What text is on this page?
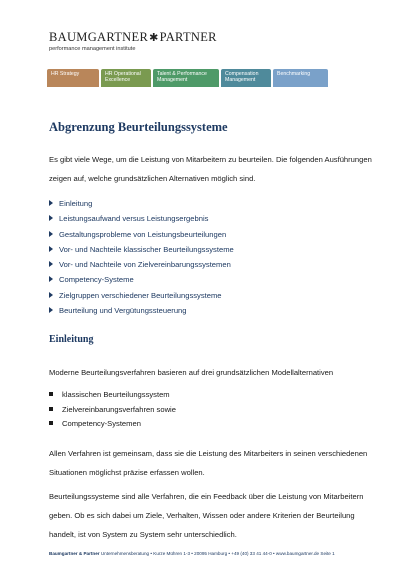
BAUMGARTNER✱PARTNER
performance management institute
HR Strategy	HR Operational Excellence
Talent & Performance Management
Compensation Management
Benchmarking
Abgrenzung Beurteilungssysteme

Es gibt viele Wege, um die Leistung von Mitarbeitern zu beurteilen. Die folgenden Ausführungen zeigen auf, welche grundsätzlichen Alternativen möglich sind.

Einleitung
Leistungsaufwand versus Leistungsergebnis
Gestaltungsprobleme von Leistungsbeurteilungen
Vor- und Nachteile klassischer Beurteilungssysteme
Vor- und Nachteile von Zielvereinbarungssystemen
Competency-Systeme
Zielgruppen verschiedener Beurteilungssysteme
Beurteilung und Vergütungssteuerung
Einleitung

Moderne Beurteilungsverfahren basieren auf drei grundsätzlichen Modellalternativen

klassischen Beurteilungssystem
Zielvereinbarungsverfahren sowie
Competency-Systemen

Allen Verfahren ist gemeinsam, dass sie die Leistung des Mitarbeiters in seinen verschiedenen Situationen möglichst präzise erfassen wollen.

Beurteilungssysteme sind alle Verfahren, die ein Feedback über die Leistung von Mitarbeitern geben. Ob es sich dabei um Ziele, Verhalten, Wissen oder andere Kriterien der Beurteilung handelt, ist von System zu System sehr unterschiedlich.

Baumgartner & Partner Unternehmensberatung • Kurze Mühren 1-3 • 20095 Hamburg • +49 (40) 33 41 44-0 • www.baumgartner.de Seite 1
